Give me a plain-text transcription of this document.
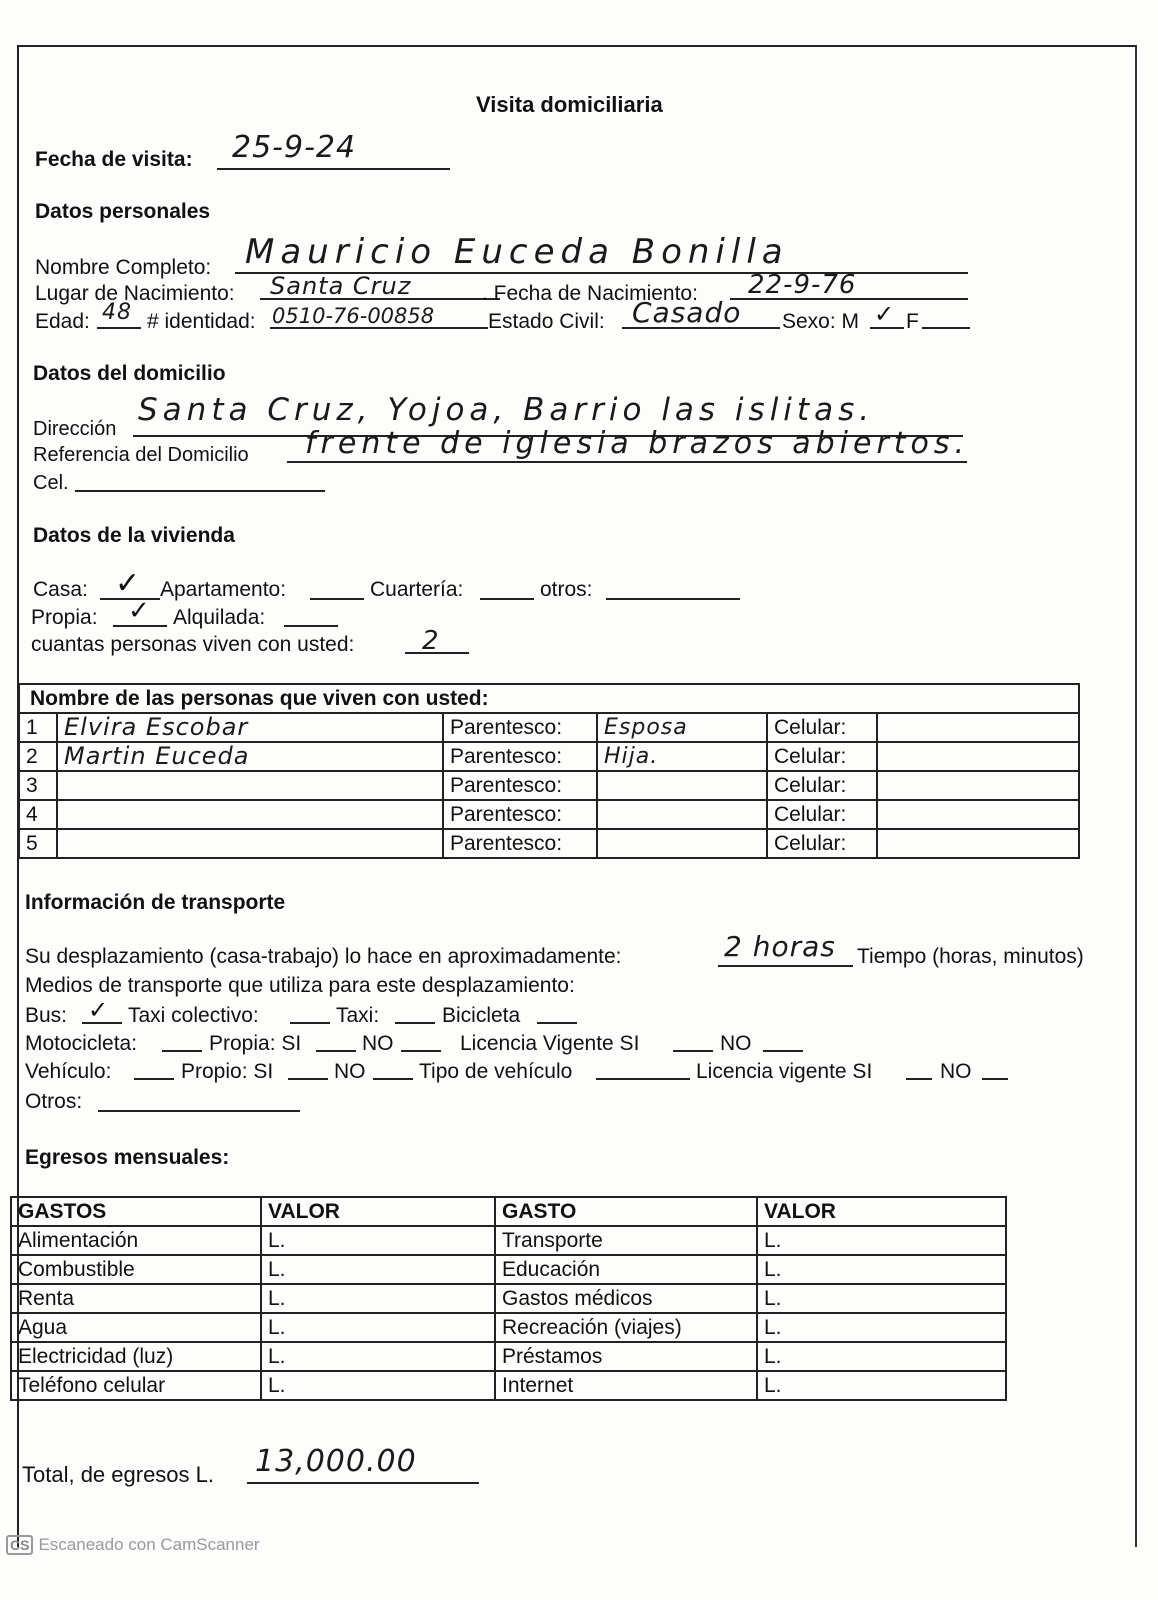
Visita domiciliaria
Fecha de visita: 25-9-24
Datos personales
Nombre Completo: Mauricio Euceda Bonilla
Lugar de Nacimiento: Santa Cruz	. Fecha de Nacimiento: 22-9-76
Edad: 48 # identidad: 0510-76-00858	Estado Civil: Casado Sexo: M ✓ F
Datos del domicilio
Dirección
Santa Cruz, Yojoa, Barrio las islitas.
Referencia del Domicilio frente de iglesia brazos abiertos.
Cel.
Datos de la vivienda
Casa: ✓ Apartamento:	Cuartería:	otros:
Propia: ✓ Alquilada:
cuantas personas viven con usted:	2
Nombre de las personas que viven con usted:					
1	Elvira Escobar	Parentesco:	Esposa	Celular:	
2	Martin Euceda	Parentesco:	Hija.	Celular:	
3		Parentesco:		Celular:	
4		Parentesco:		Celular:	
5		Parentesco:		Celular:	
Información de transporte
Su desplazamiento (casa-trabajo) lo hace en aproximadamente:	2 horas Tiempo (horas, minutos)
Medios de transporte que utiliza para este desplazamiento:
Bus: ✓ Taxi colectivo:	Taxi:	Bicicleta
Motocicleta:	Propia: SI	NO	Licencia Vigente SI	NO
Vehículo:	Propio: SI	NO	Tipo de vehículo	Licencia vigente SI	NO
Otros:
Egresos mensuales:
GASTOS	VALOR	GASTO	VALOR
Alimentación	L.	Transporte	L.
Combustible	L.	Educación	L.
Renta	L.	Gastos médicos	L.
Agua	L.	Recreación (viajes)	L.
Electricidad (luz)	L.	Préstamos	L.
Teléfono celular	L.	Internet	L.
Total, de egresos L. 13,000.00
CS Escaneado con CamScanner
